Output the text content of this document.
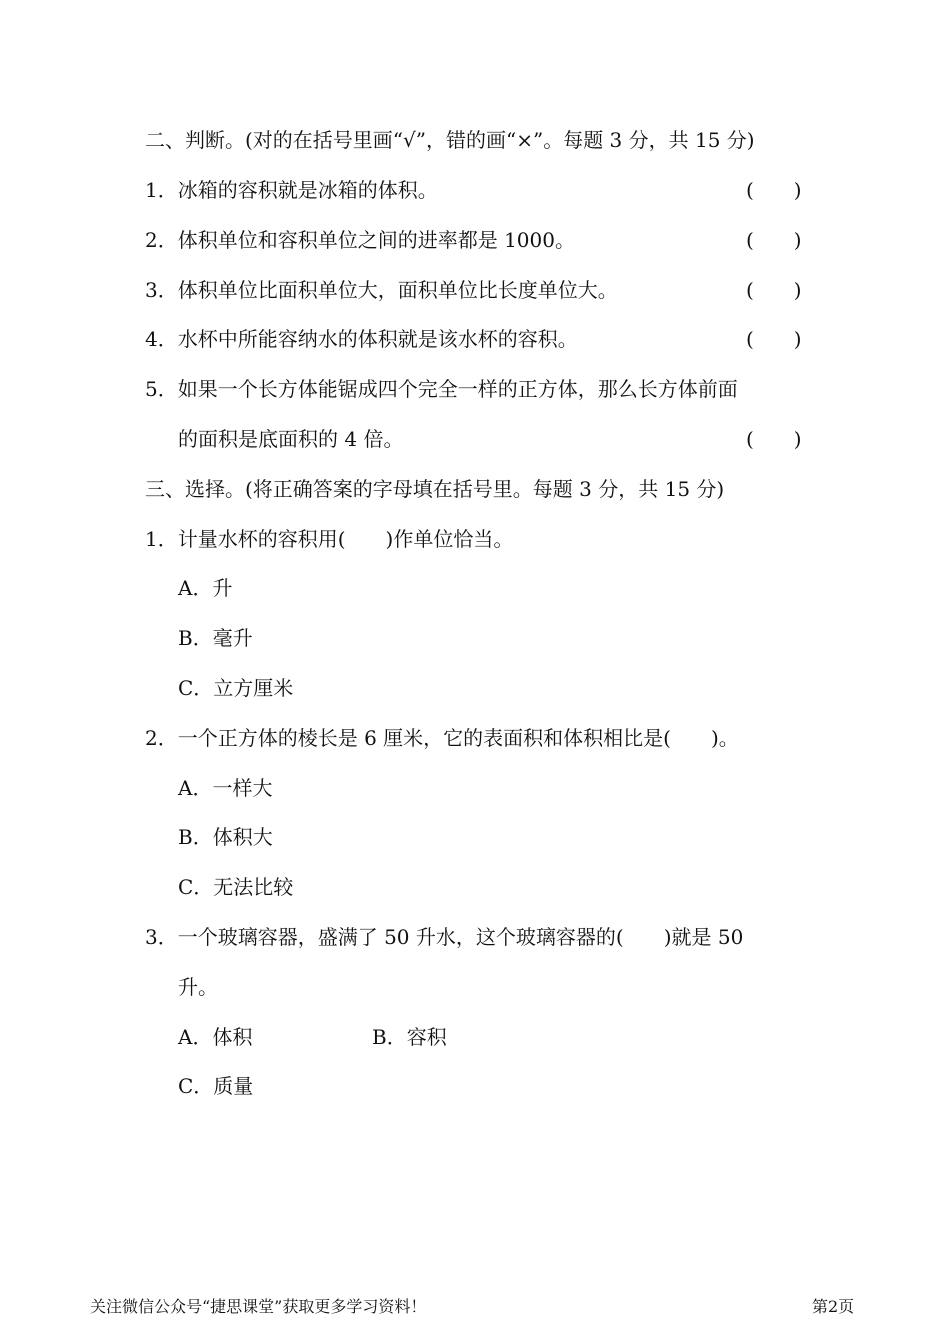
二、判断。(对的在括号里画“√”，错的画“×”。每题 3 分，共 15 分)
1．冰箱的容积就是冰箱的体积。	(　　)
2．体积单位和容积单位之间的进率都是 1000。	(　　)
3．体积单位比面积单位大，面积单位比长度单位大。	(　　)
4．水杯中所能容纳水的体积就是该水杯的容积。	(　　)
5．如果一个长方体能锯成四个完全一样的正方体，那么长方体前面
的面积是底面积的 4 倍。	(　　)
三、选择。(将正确答案的字母填在括号里。每题 3 分，共 15 分)
1．计量水杯的容积用(　　)作单位恰当。
A．升
B．毫升
C．立方厘米
2．一个正方体的棱长是 6 厘米，它的表面积和体积相比是(　　)。
A．一样大
B．体积大
C．无法比较
3．一个玻璃容器，盛满了 50 升水，这个玻璃容器的(　　)就是 50
升。
A．体积	B．容积
C．质量
关注微信公众号“捷思课堂”获取更多学习资料！	第2页
